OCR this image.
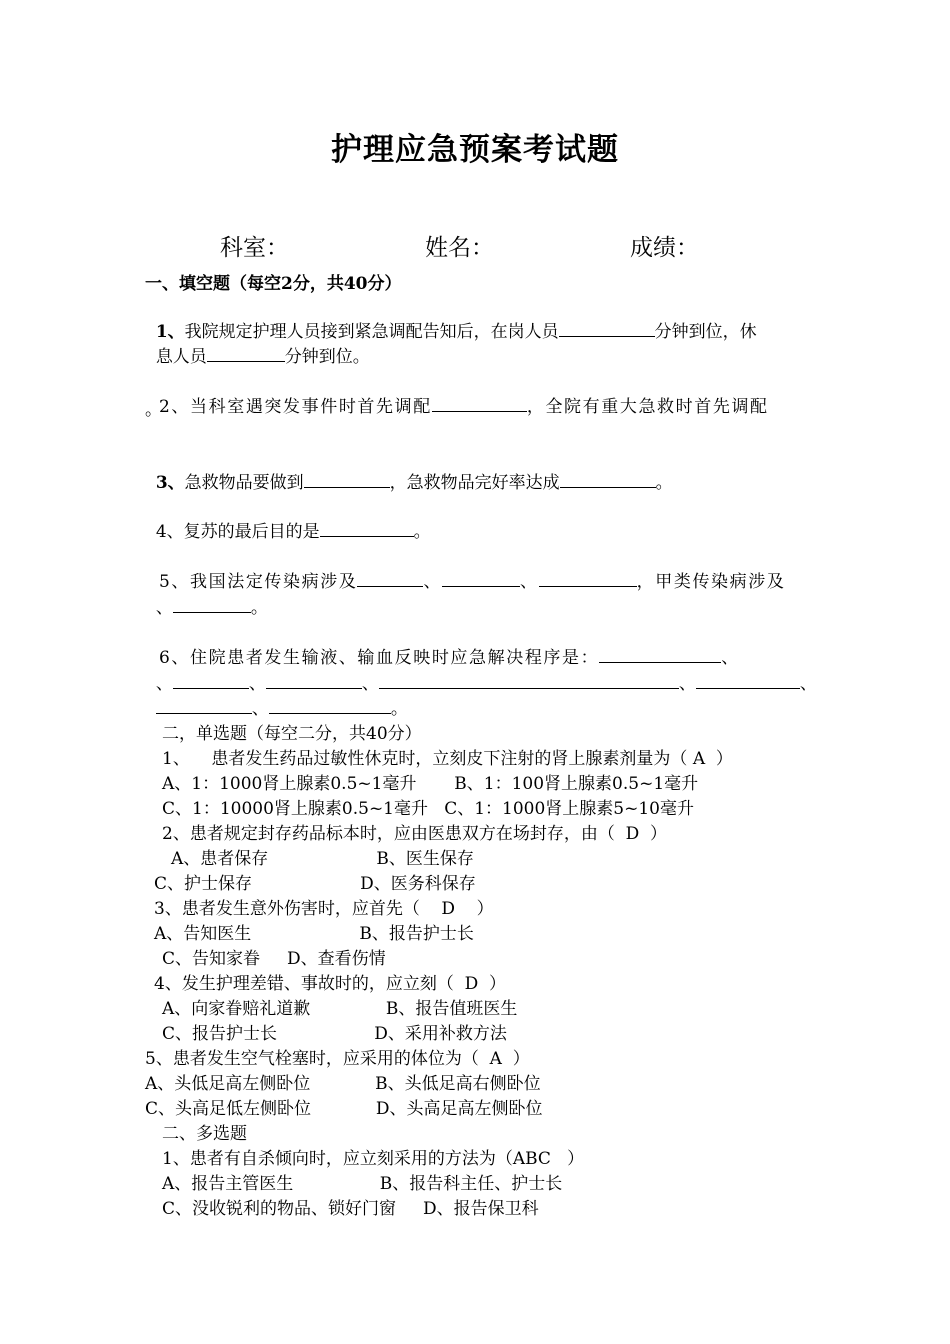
护理应急预案考试题
科室：	姓名：	成绩：
一、填空题（每空2分，共40分）

1、我院规定护理人员接到紧急调配告知后，在岗人员	分钟到位，休

息人员	分钟到位。

2、当科室遇突发事件时首先调配	，全院有重大急救时首先调配

。

3、急救物品要做到	，急救物品完好率达成	。

4、复苏的最后目的是	。

5、我国法定传染病涉及	、	、	，甲类传染病涉及

、	。

6、住院患者发生输液、输血反映时应急解决程序是：	、

、	、	、	、	、

、	。

二，单选题（每空二分，共40分）
1、    患者发生药品过敏性休克时，立刻皮下注射的肾上腺素剂量为（ A  ）
A、1：1000肾上腺素0.5~1毫升       B、1：100肾上腺素0.5~1毫升
C、1：10000肾上腺素0.5~1毫升   C、1：1000肾上腺素5~10毫升
2、患者规定封存药品标本时，应由医患双方在场封存，由（  D  ）
A、患者保存                    B、医生保存
C、护士保存                    D、医务科保存
3、患者发生意外伤害时，应首先（    D    ）
A、告知医生                    B、报告护士长
C、告知家眷     D、查看伤情
4、发生护理差错、事故时的，应立刻（  D  ）
A、向家眷赔礼道歉              B、报告值班医生
C、报告护士长                  D、采用补救方法
5、患者发生空气栓塞时，应采用的体位为（  A  ）
A、头低足高左侧卧位            B、头低足高右侧卧位
C、头高足低左侧卧位            D、头高足高左侧卧位
二、多选题
1、患者有自杀倾向时，应立刻采用的方法为（ABC   ）
A、报告主管医生                B、报告科主任、护士长
C、没收锐利的物品、锁好门窗     D、报告保卫科
